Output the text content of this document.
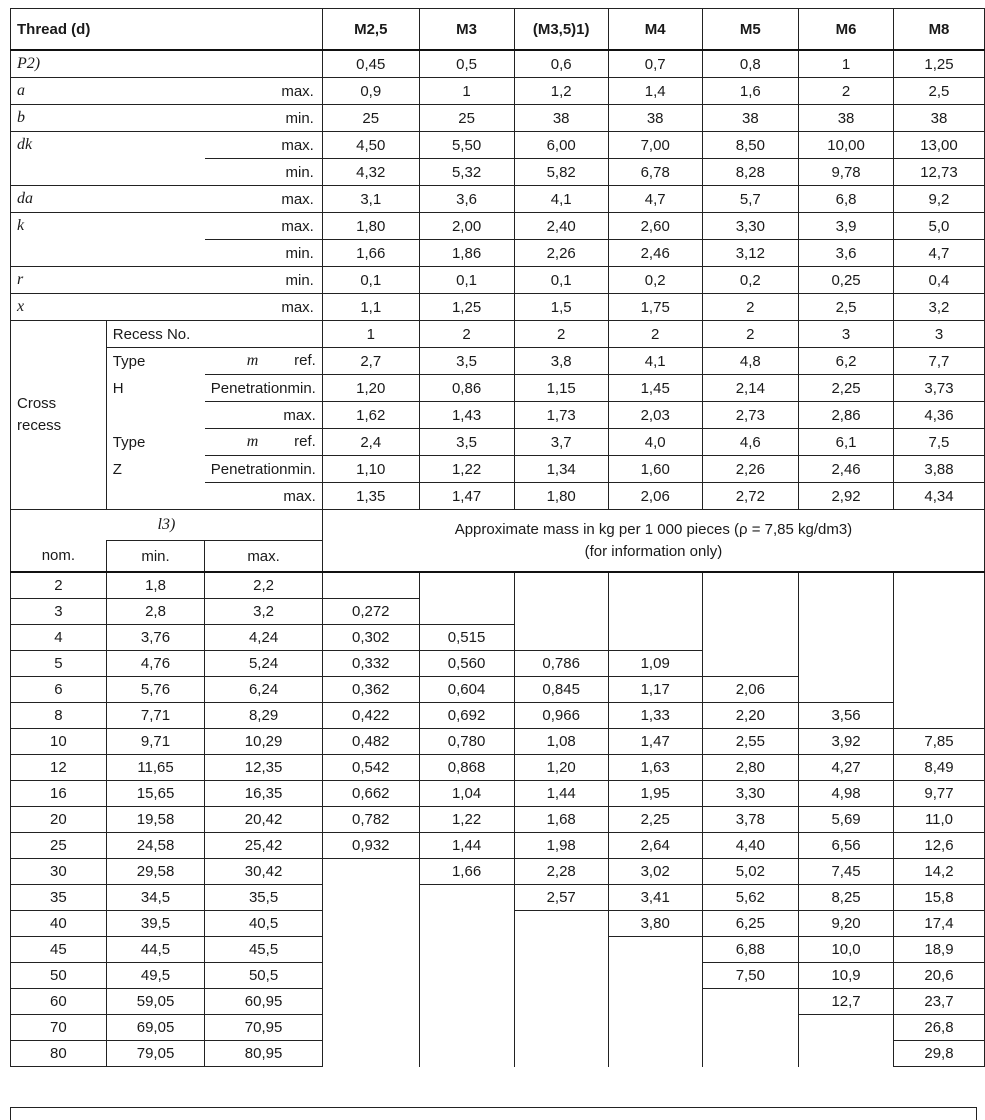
Thread (d)			M2,5	M3	(M3,5)1)	M4	M5	M6	M8
P2)			0,45	0,5	0,6	0,7	0,8	1	1,25
a		max.	0,9	1	1,2	1,4	1,6	2	2,5
b		min.	25	25	38	38	38	38	38
dk		max.	4,50	5,50	6,00	7,00	8,50	10,00	13,00
		min.	4,32	5,32	5,82	6,78	8,28	9,78	12,73
da		max.	3,1	3,6	4,1	4,7	5,7	6,8	9,2
k		max.	1,80	2,00	2,40	2,60	3,30	3,9	5,0
		min.	1,66	1,86	2,26	2,46	3,12	3,6	4,7
r		min.	0,1	0,1	0,1	0,2	0,2	0,25	0,4
x		max.	1,1	1,25	1,5	1,75	2	2,5	3,2

Cross
recess	Recess No.		1	2	2	2	2	3	3
	Type	m ref.	2,7	3,5	3,8	4,1	4,8	6,2	7,7
	H	Penetration min.	1,20	0,86	1,15	1,45	2,14	2,25	3,73
		max.	1,62	1,43	1,73	2,03	2,73	2,86	4,36
	Type	m ref.	2,4	3,5	3,7	4,0	4,6	6,1	7,5
	Z	Penetration min.	1,10	1,22	1,34	1,60	2,26	2,46	3,88
		max.	1,35	1,47	1,80	2,06	2,72	2,92	4,34
l3)			Approximate mass in kg per 1 000 pieces (ρ = 7,85 kg/dm3)
(for information only)						

nom.	min.	max.							
2	1,8	2,2							
3	2,8	3,2	0,272						
4	3,76	4,24	0,302	0,515					
5	4,76	5,24	0,332	0,560	0,786	1,09			
6	5,76	6,24	0,362	0,604	0,845	1,17	2,06		
8	7,71	8,29	0,422	0,692	0,966	1,33	2,20	3,56	
10	9,71	10,29	0,482	0,780	1,08	1,47	2,55	3,92	7,85
12	11,65	12,35	0,542	0,868	1,20	1,63	2,80	4,27	8,49
16	15,65	16,35	0,662	1,04	1,44	1,95	3,30	4,98	9,77
20	19,58	20,42	0,782	1,22	1,68	2,25	3,78	5,69	11,0
25	24,58	25,42	0,932	1,44	1,98	2,64	4,40	6,56	12,6
30	29,58	30,42		1,66	2,28	3,02	5,02	7,45	14,2
35	34,5	35,5			2,57	3,41	5,62	8,25	15,8
40	39,5	40,5				3,80	6,25	9,20	17,4
45	44,5	45,5					6,88	10,0	18,9
50	49,5	50,5					7,50	10,9	20,6
60	59,05	60,95						12,7	23,7
70	69,05	70,95							26,8
80	79,05	80,95							29,8
